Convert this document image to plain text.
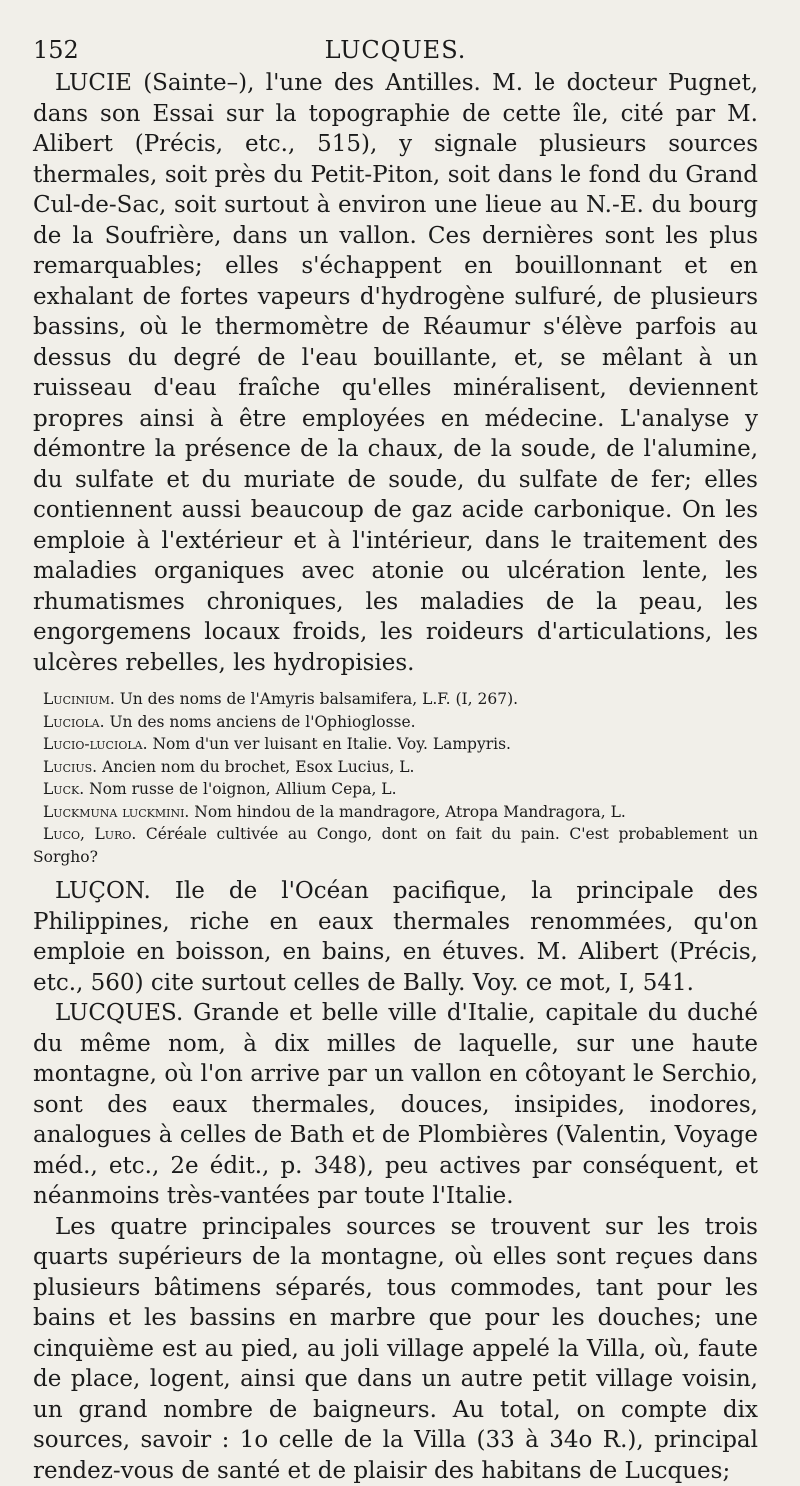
152	LUCQUES.

LUCIE (Sainte–), l'une des Antilles. M. le docteur Pugnet, dans son Essai sur la topographie de cette île, cité par M. Alibert (Précis, etc., 515), y signale plusieurs sources thermales, soit près du Petit-Piton, soit dans le fond du Grand Cul-de-Sac, soit surtout à environ une lieue au N.-E. du bourg de la Soufrière, dans un vallon. Ces dernières sont les plus remarquables; elles s'échappent en bouillonnant et en exhalant de fortes vapeurs d'hydrogène sulfuré, de plusieurs bassins, où le thermomètre de Réaumur s'élève parfois au dessus du degré de l'eau bouillante, et, se mêlant à un ruisseau d'eau fraîche qu'elles minéralisent, deviennent propres ainsi à être employées en médecine. L'analyse y démontre la présence de la chaux, de la soude, de l'alumine, du sulfate et du muriate de soude, du sulfate de fer; elles contiennent aussi beaucoup de gaz acide carbonique. On les emploie à l'extérieur et à l'intérieur, dans le traitement des maladies organiques avec atonie ou ulcération lente, les rhumatismes chroniques, les maladies de la peau, les engorgemens locaux froids, les roideurs d'articulations, les ulcères rebelles, les hydropisies.

Lucinium. Un des noms de l'Amyris balsamifera, L.F. (I, 267).

Luciola. Un des noms anciens de l'Ophioglosse.

Lucio-luciola. Nom d'un ver luisant en Italie. Voy. Lampyris.

Lucius. Ancien nom du brochet, Esox Lucius, L.

Luck. Nom russe de l'oignon, Allium Cepa, L.

Luckmuna luckmini. Nom hindou de la mandragore, Atropa Mandragora, L.

Luco, Luro. Céréale cultivée au Congo, dont on fait du pain. C'est probablement un Sorgho?

LUÇON. Ile de l'Océan pacifique, la principale des Philippines, riche en eaux thermales renommées, qu'on emploie en boisson, en bains, en étuves. M. Alibert (Précis, etc., 560) cite surtout celles de Bally. Voy. ce mot, I, 541.

LUCQUES. Grande et belle ville d'Italie, capitale du duché du même nom, à dix milles de laquelle, sur une haute montagne, où l'on arrive par un vallon en côtoyant le Serchio, sont des eaux thermales, douces, insipides, inodores, analogues à celles de Bath et de Plombières (Valentin, Voyage méd., etc., 2e édit., p. 348), peu actives par conséquent, et néanmoins très-vantées par toute l'Italie.

Les quatre principales sources se trouvent sur les trois quarts supérieurs de la montagne, où elles sont reçues dans plusieurs bâtimens séparés, tous commodes, tant pour les bains et les bassins en marbre que pour les douches; une cinquième est au pied, au joli village appelé la Villa, où, faute de place, logent, ainsi que dans un autre petit village voisin, un grand nombre de baigneurs. Au total, on compte dix sources, savoir : 1o celle de la Villa (33 à 34o R.), principal rendez-vous de santé et de plaisir des habitans de Lucques;
